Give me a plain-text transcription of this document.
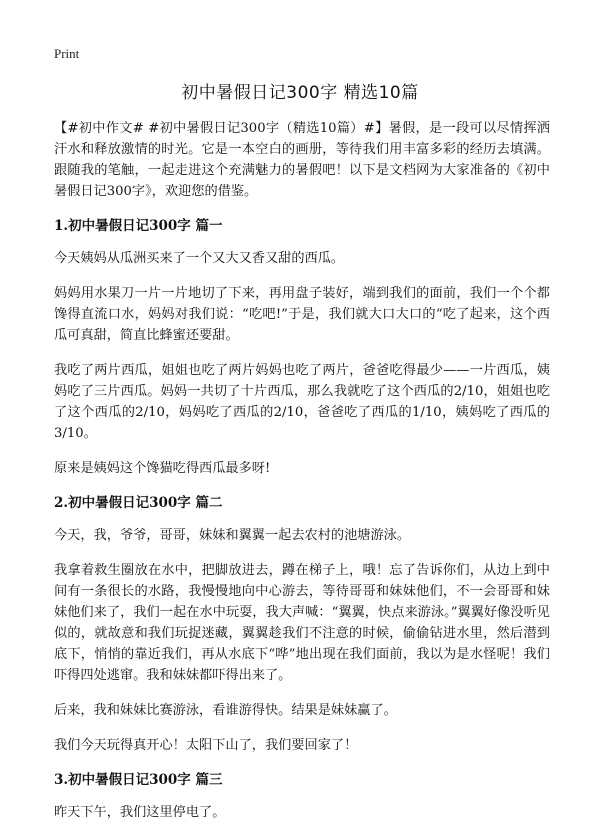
Print
初中暑假日记300字 精选10篇

【#初中作文# #初中暑假日记300字（精选10篇）#】暑假，是一段可以尽情挥洒汗水和释放激情的时光。它是一本空白的画册，等待我们用丰富多彩的经历去填满。跟随我的笔触，一起走进这个充满魅力的暑假吧！以下是文档网为大家准备的《初中暑假日记300字》，欢迎您的借鉴。

1.初中暑假日记300字 篇一

今天姨妈从瓜洲买来了一个又大又香又甜的西瓜。

妈妈用水果刀一片一片地切了下来，再用盘子装好，端到我们的面前，我们一个个都馋得直流口水，妈妈对我们说：“吃吧!”于是，我们就大口大口的“吃了起来，这个西瓜可真甜，简直比蜂蜜还要甜。

我吃了两片西瓜，姐姐也吃了两片妈妈也吃了两片，爸爸吃得最少——一片西瓜，姨妈吃了三片西瓜。妈妈一共切了十片西瓜，那么我就吃了这个西瓜的2/10，姐姐也吃了这个西瓜的2/10，妈妈吃了西瓜的2/10，爸爸吃了西瓜的1/10，姨妈吃了西瓜的3/10。

原来是姨妈这个馋猫吃得西瓜最多呀!

2.初中暑假日记300字 篇二

今天，我，爷爷，哥哥，妹妹和翼翼一起去农村的池塘游泳。

我拿着救生圈放在水中，把脚放进去，蹲在梯子上，哦！忘了告诉你们，从边上到中间有一条很长的水路，我慢慢地向中心游去，等待哥哥和妹妹他们，不一会哥哥和妹妹他们来了，我们一起在水中玩耍，我大声喊：“翼翼，快点来游泳。”翼翼好像没听见似的，就故意和我们玩捉迷藏，翼翼趁我们不注意的时候，偷偷钻进水里，然后潜到底下，悄悄的靠近我们，再从水底下“哗”地出现在我们面前，我以为是水怪呢！我们吓得四处逃窜。我和妹妹都吓得出来了。

后来，我和妹妹比赛游泳，看谁游得快。结果是妹妹赢了。

我们今天玩得真开心！太阳下山了，我们要回家了！

3.初中暑假日记300字 篇三

昨天下午，我们这里停电了。
